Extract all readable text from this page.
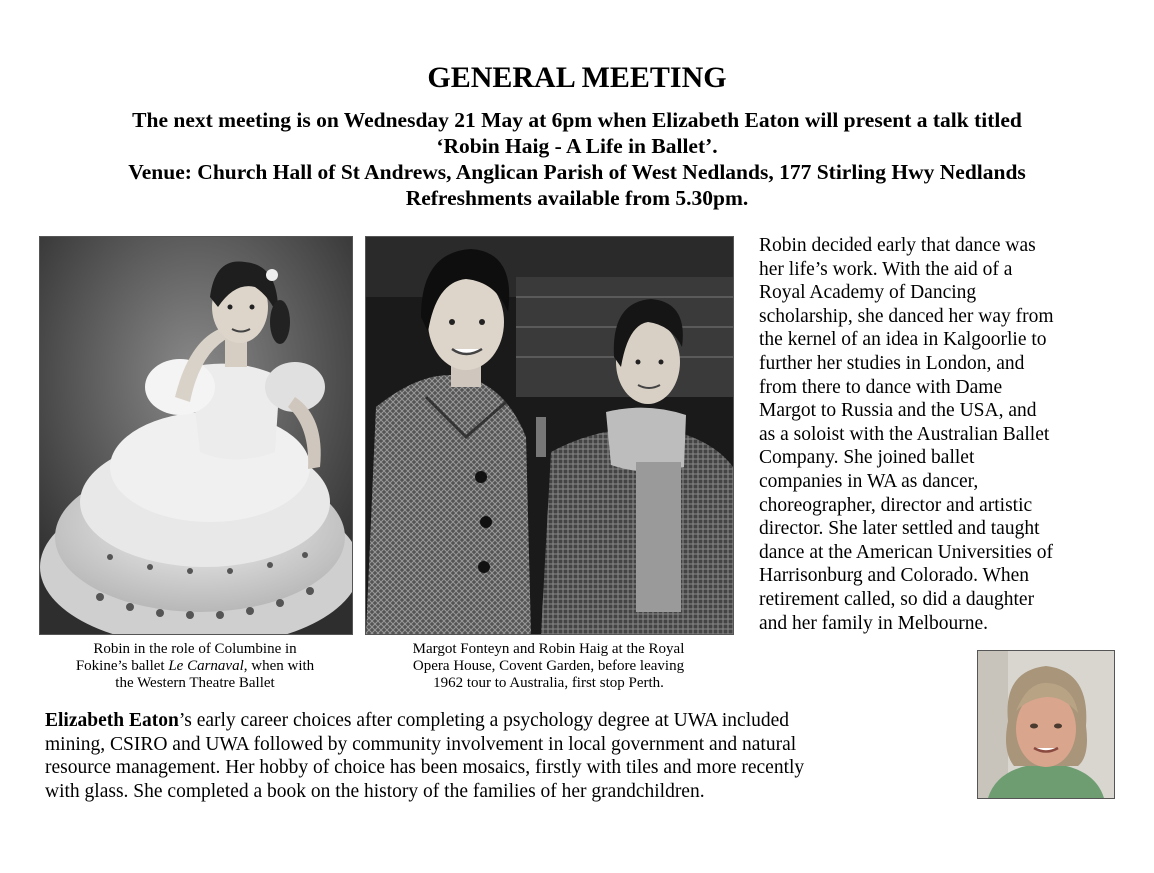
GENERAL MEETING
The next meeting is on Wednesday 21 May at 6pm when Elizabeth Eaton will present a talk titled
‘Robin Haig - A Life in Ballet’.
Venue: Church Hall of St Andrews, Anglican Parish of West Nedlands, 177 Stirling Hwy Nedlands
Refreshments available from 5.30pm.
Robin in the role of Columbine in
Fokine’s ballet Le Carnaval, when with
the Western Theatre Ballet
Margot Fonteyn and Robin Haig at the Royal
Opera House, Covent Garden, before leaving
1962 tour to Australia, first stop Perth.
Robin decided early that dance was
her life’s work. With the aid of a
Royal Academy of Dancing
scholarship, she danced her way from
the kernel of an idea in Kalgoorlie to
further her studies in London, and
from there to dance with Dame
Margot to Russia and the USA, and
as a soloist with the Australian Ballet
Company. She joined ballet
companies in WA as dancer,
choreographer, director and artistic
director. She later settled and taught
dance at the American Universities of
Harrisonburg and Colorado. When
retirement called, so did a daughter
and her family in Melbourne.
Elizabeth Eaton’s early career choices after completing a psychology degree at UWA included
mining, CSIRO and UWA followed by community involvement in local government and natural
resource management. Her hobby of choice has been mosaics, firstly with tiles and more recently
with glass. She completed a book on the history of the families of her grandchildren.
